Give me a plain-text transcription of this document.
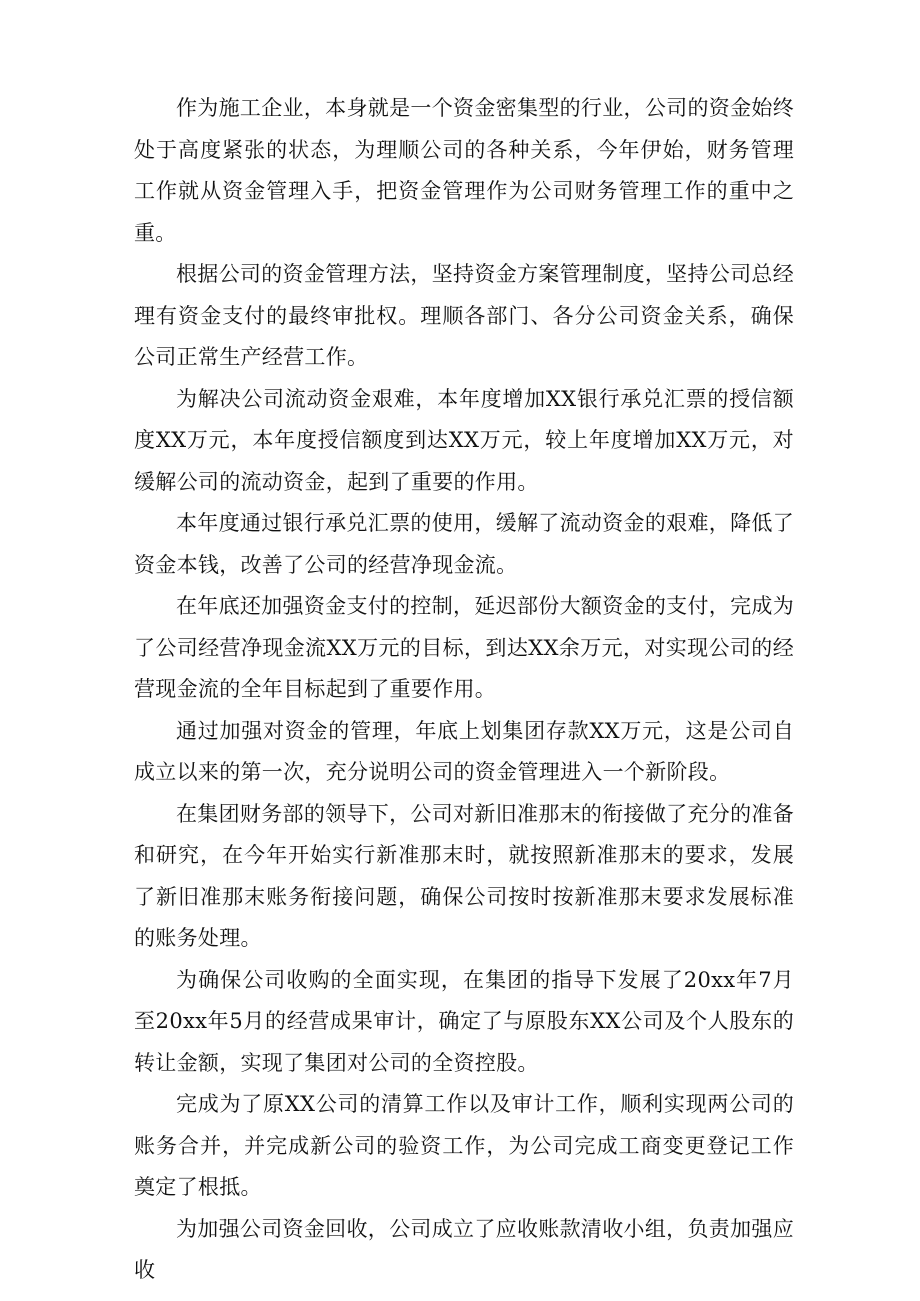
作为施工企业，本身就是一个资金密集型的行业，公司的资金始终处于高度紧张的状态，为理顺公司的各种关系，今年伊始，财务管理工作就从资金管理入手，把资金管理作为公司财务管理工作的重中之重。

根据公司的资金管理方法，坚持资金方案管理制度，坚持公司总经理有资金支付的最终审批权。理顺各部门、各分公司资金关系，确保公司正常生产经营工作。

为解决公司流动资金艰难，本年度增加XX银行承兑汇票的授信额度XX万元，本年度授信额度到达XX万元，较上年度增加XX万元，对缓解公司的流动资金，起到了重要的作用。

本年度通过银行承兑汇票的使用，缓解了流动资金的艰难，降低了资金本钱，改善了公司的经营净现金流。

在年底还加强资金支付的控制，延迟部份大额资金的支付，完成为了公司经营净现金流XX万元的目标，到达XX余万元，对实现公司的经营现金流的全年目标起到了重要作用。

通过加强对资金的管理，年底上划集团存款XX万元，这是公司自成立以来的第一次，充分说明公司的资金管理进入一个新阶段。

在集团财务部的领导下，公司对新旧准那末的衔接做了充分的准备和研究，在今年开始实行新准那末时，就按照新准那末的要求，发展了新旧准那末账务衔接问题，确保公司按时按新准那末要求发展标准的账务处理。

为确保公司收购的全面实现，在集团的指导下发展了20xx年7月至20xx年5月的经营成果审计，确定了与原股东XX公司及个人股东的转让金额，实现了集团对公司的全资控股。

完成为了原XX公司的清算工作以及审计工作，顺利实现两公司的账务合并，并完成新公司的验资工作，为公司完成工商变更登记工作奠定了根抵。

为加强公司资金回收，公司成立了应收账款清收小组，负责加强应收
